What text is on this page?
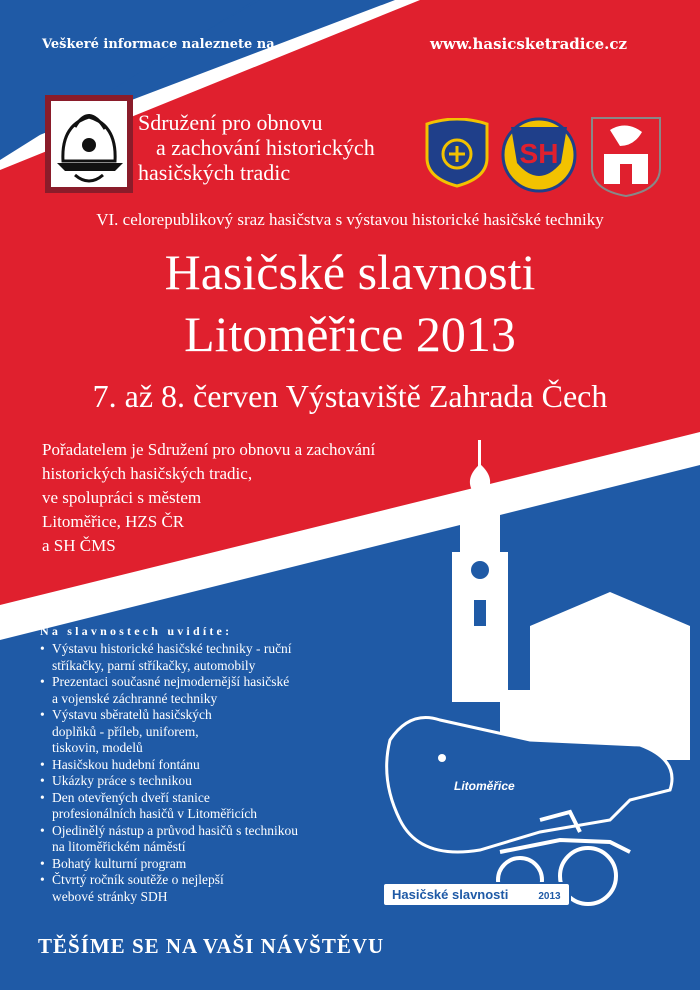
Veškeré informace naleznete na	www.hasicsketradice.cz
Sdružení pro obnovu
a zachování historických
hasičských tradic
SH
VI. celorepublikový sraz hasičstva s výstavou historické hasičské techniky
Hasičské slavnosti
Litoměřice 2013
7. až 8. červen Výstaviště Zahrada Čech
Pořadatelem je Sdružení pro obnovu a zachování
historických hasičských tradic,
ve spolupráci s městem
Litoměřice, HZS ČR
a SH ČMS
Litoměřice
Hasičské slavnosti	2013
Na slavnostech uvidíte:
• Výstavu historické hasičské techniky - ruční
stříkačky, parní stříkačky, automobily
• Prezentaci současné nejmodernější hasičské
a vojenské záchranné techniky
• Výstavu sběratelů hasičských
doplňků - příleb, uniforem,
tiskovin, modelů
• Hasičskou hudební fontánu
• Ukázky práce s technikou
• Den otevřených dveří stanice
profesionálních hasičů v Litoměřicích
• Ojedinělý nástup a průvod hasičů s technikou
na litoměřickém náměstí
• Bohatý kulturní program
• Čtvrtý ročník soutěže o nejlepší
webové stránky SDH
TĚŠÍME SE NA VAŠI NÁVŠTĚVU
